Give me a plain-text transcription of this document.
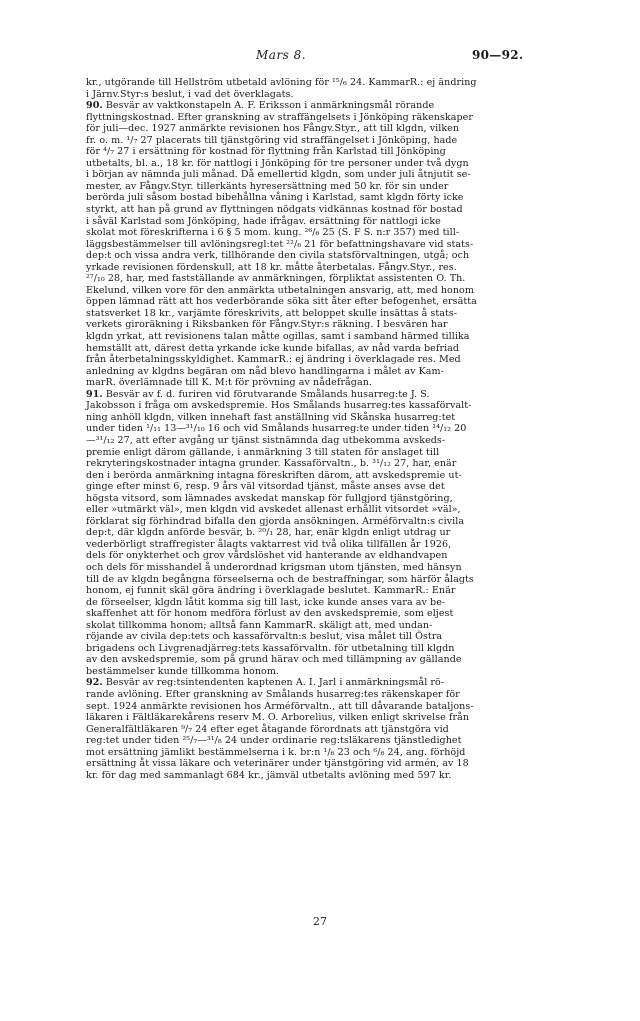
Mars 8.	90—92.
kr., utgörande till Hellström utbetald avlöning för ¹⁵/₆ 24. KammarR.: ej ändring
i Järnv.Styr:s beslut, i vad det överklagats.
90. Besvär av vaktkonstapeln A. F. Eriksson i anmärkningsmål rörande
flyttningskostnad. Efter granskning av straffängelsets i Jönköping räkenskaper
för juli—dec. 1927 anmärkte revisionen hos Fångv.Styr., att till klgdn, vilken
fr. o. m. ¹/₇ 27 placerats till tjänstgöring vid straffängelset i Jönköping, hade
för ⁴/₇ 27 i ersättning för kostnad för flyttning från Karlstad till Jönköping
utbetalts, bl. a., 18 kr. för nattlogi i Jönköping för tre personer under två dygn
i början av nämnda juli månad. Då emellertid klgdn, som under juli åtnjutit se-
mester, av Fångv.Styr. tillerkänts hyresersättning med 50 kr. för sin under
berörda juli såsom bostad bibehållna våning i Karlstad, samt klgdn förty icke
styrkt, att han på grund av flyttningen nödgats vidkännas kostnad för bostad
i såväl Karlstad som Jönköping, hade ifrågav. ersättning för nattlogi icke
skolat mot föreskrifterna i 6 § 5 mom. kung. ²⁶/₆ 25 (S. F S. n:r 357) med till-
läggsbestämmelser till avlöningsregl:tet ²²/₆ 21 för befattningshavare vid stats-
dep:t och vissa andra verk, tillhörande den civila statsförvaltningen, utgå; och
yrkade revisionen fördenskull, att 18 kr. måtte återbetalas. Fångv.Styr., res.
²⁷/₁₀ 28, har, med fastställande av anmärkningen, förpliktat assistenten O. Th.
Ekelund, vilken vore för den anmärkta utbetalningen ansvarig, att, med honom
öppen lämnad rätt att hos vederbörande söka sitt åter efter befogenhet, ersätta
statsverket 18 kr., varjämte föreskrivits, att beloppet skulle insättas å stats-
verkets giroräkning i Riksbanken för Fångv.Styr:s räkning. I besvären har
klgdn yrkat, att revisionens talan måtte ogillas, samt i samband härmed tillika
hemställt att, därest detta yrkande icke kunde bifallas, av nåd varda befriad
från återbetalningsskyldighet. KammarR.: ej ändring i överklagade res. Med
anledning av klgdns begäran om nåd blevo handlingarna i målet av Kam-
marR. överlämnade till K. M:t för prövning av nådefrågan.
91. Besvär av f. d. furiren vid förutvarande Smålands husarreg:te J. S.
Jakobsson i fråga om avskedspremie. Hos Smålands husarreg:tes kassaförvalt-
ning anhöll klgdn, vilken innehaft fast anställning vid Skånska husarreg:tet
under tiden ¹/₁₁ 13—³¹/₁₀ 16 och vid Smålands husarreg:te under tiden ¹⁴/₁₂ 20
—³¹/₁₂ 27, att efter avgång ur tjänst sistnämnda dag utbekomma avskeds-
premie enligt därom gällande, i anmärkning 3 till staten för anslaget till
rekryteringskostnader intagna grunder. Kassaförvaltn., b. ³¹/₁₂ 27, har, enär
den i berörda anmärkning intagna föreskriften därom, att avskedspremie ut-
ginge efter minst 6, resp. 9 års väl vitsordad tjänst, måste anses avse det
högsta vitsord, som lämnades avskedat manskap för fullgjord tjänstgöring,
eller »utmärkt väl», men klgdn vid avskedet allenast erhållit vitsordet »väl»,
förklarat sig förhindrad bifalla den gjorda ansökningen. Arméförvaltn:s civila
dep:t, där klgdn anförde besvär, b. ²⁰/₁ 28, har, enär klgdn enligt utdrag ur
vederbörligt straffregister ålagts vaktarrest vid två olika tillfällen år 1926,
dels för onykterhet och grov vårdslöshet vid hanterande av eldhandvapen
och dels för misshandel å underordnad krigsman utom tjänsten, med hänsyn
till de av klgdn begångna förseelserna och de bestraffningar, som härför ålagts
honom, ej funnit skäl göra ändring i överklagade beslutet. KammarR.: Enär
de förseelser, klgdn låtit komma sig till last, icke kunde anses vara av be-
skaffenhet att för honom medföra förlust av den avskedspremie, som eljest
skolat tillkomma honom; alltså fann KammarR. skäligt att, med undan-
röjande av civila dep:tets och kassaförvaltn:s beslut, visa målet till Östra
brigadens och Livgrenadjärreg:tets kassaförvaltn. för utbetalning till klgdn
av den avskedspremie, som på grund härav och med tillämpning av gällande
bestämmelser kunde tillkomma honom.
92. Besvär av reg:tsintendenten kaptenen A. I. Jarl i anmärkningsmål rö-
rande avlöning. Efter granskning av Smålands husarreg:tes räkenskaper för
sept. 1924 anmärkte revisionen hos Arméförvaltn., att till dåvarande bataljons-
läkaren i Fältläkarekårens reserv M. O. Arborelius, vilken enligt skrivelse från
Generalfältläkaren ⁹/₇ 24 efter eget åtagande förordnats att tjänstgöra vid
reg:tet under tiden ²⁵/₇—³¹/₈ 24 under ordinarie reg:tsläkarens tjänstledighet
mot ersättning jämlikt bestämmelserna i k. br:n ¹/₆ 23 och ⁶/₆ 24, ang. förhöjd
ersättning åt vissa läkare och veterinärer under tjänstgöring vid armén, av 18
kr. för dag med sammanlagt 684 kr., jämväl utbetalts avlöning med 597 kr.
27
